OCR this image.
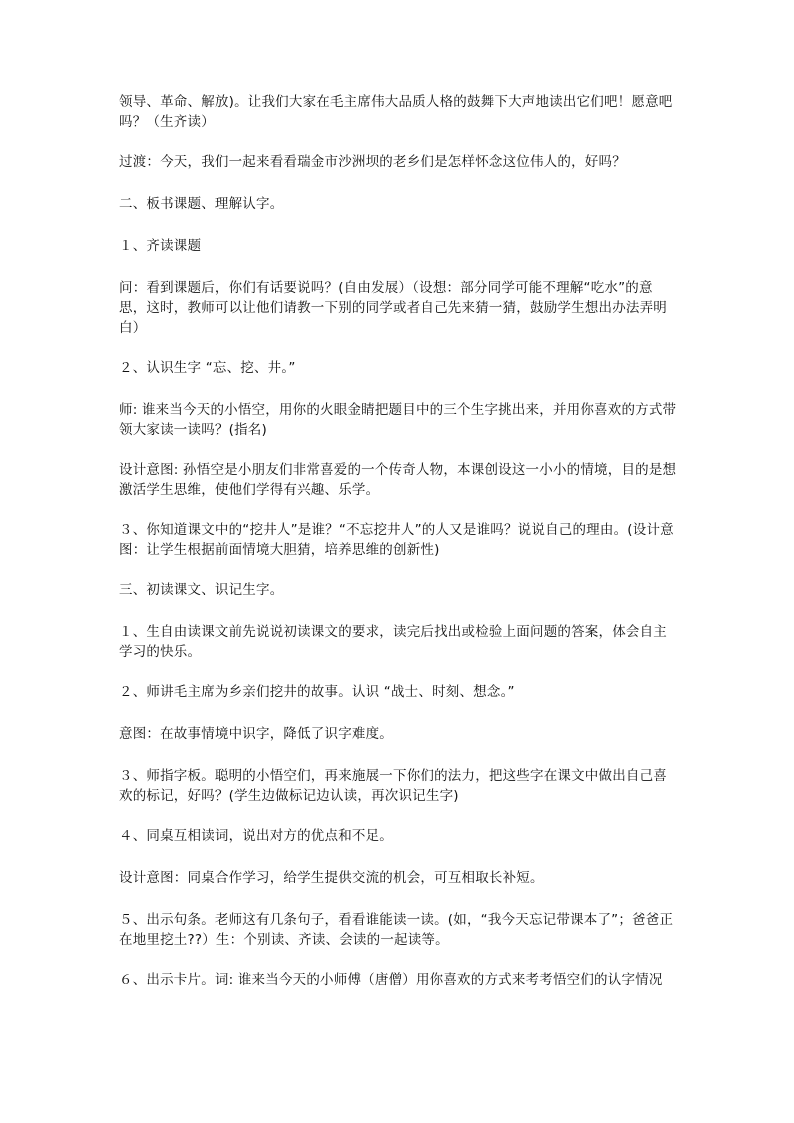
领导、革命、解放)。让我们大家在毛主席伟大品质人格的鼓舞下大声地读出它们吧！愿意吧吗？（生齐读）

过渡：今天，我们一起来看看瑞金市沙洲坝的老乡们是怎样怀念这位伟人的，好吗？

二、板书课题、理解认字。

１、齐读课题

问：看到课题后，你们有话要说吗？(自由发展）（设想：部分同学可能不理解“吃水”的意思，这时，教师可以让他们请教一下别的同学或者自己先来猜一猜，鼓励学生想出办法弄明白）

２、认识生字 “忘、挖、井。”

师: 谁来当今天的小悟空，用你的火眼金睛把题目中的三个生字挑出来，并用你喜欢的方式带领大家读一读吗？(指名)

设计意图: 孙悟空是小朋友们非常喜爱的一个传奇人物，本课创设这一小小的情境，目的是想激活学生思维，使他们学得有兴趣、乐学。

３、你知道课文中的“挖井人”是谁？“不忘挖井人”的人又是谁吗？说说自己的理由。(设计意图：让学生根据前面情境大胆猜，培养思维的创新性)

三、初读课文、识记生字。

１、生自由读课文前先说说初读课文的要求，读完后找出或检验上面问题的答案，体会自主学习的快乐。

２、师讲毛主席为乡亲们挖井的故事。认识 “战士、时刻、想念。”

意图：在故事情境中识字，降低了识字难度。

３、师指字板。聪明的小悟空们，再来施展一下你们的法力，把这些字在课文中做出自己喜欢的标记，好吗？(学生边做标记边认读，再次识记生字)

４、同桌互相读词，说出对方的优点和不足。

设计意图：同桌合作学习，给学生提供交流的机会，可互相取长补短。

５、出示句条。老师这有几条句子，看看谁能读一读。(如，“我今天忘记带课本了”；爸爸正在地里挖土??）生：个别读、齐读、会读的一起读等。

６、出示卡片。词: 谁来当今天的小师傅（唐僧）用你喜欢的方式来考考悟空们的认字情况
